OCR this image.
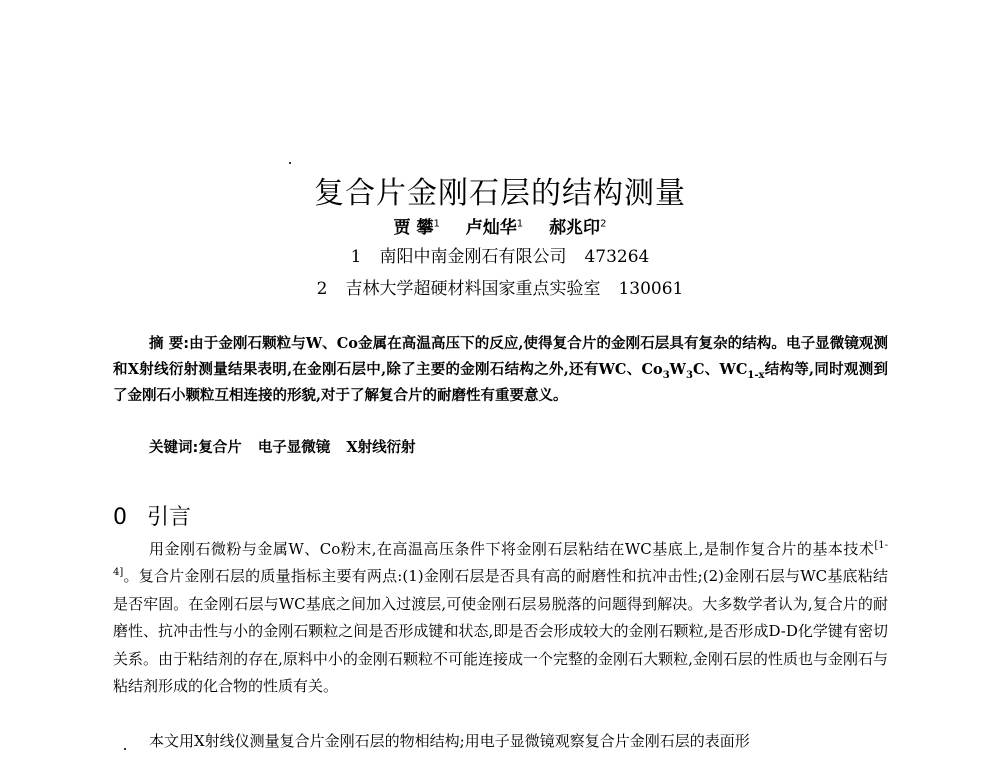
复合片金刚石层的结构测量
贾 攀$^1$ 卢灿华$^1$ 郝兆印$^2$
1 南阳中南金刚石有限公司 473264
2 吉林大学超硬材料国家重点实验室 130061
摘 要:由于金刚石颗粒与W、Co金属在高温高压下的反应,使得复合片的金刚石层具有复杂的结构。电子显微镜观测和X射线衍射测量结果表明,在金刚石层中,除了主要的金刚石结构之外,还有WC、$Co_3W_3C$、$WC_{1-x}$结构等,同时观测到了金刚石小颗粒互相连接的形貌,对于了解复合片的耐磨性有重要意义。
关键词:复合片 电子显微镜 X射线衍射
0 引言
用金刚石微粉与金属W、Co粉末,在高温高压条件下将金刚石层粘结在WC基底上,是制作复合片的基本技术[1-4]。复合片金刚石层的质量指标主要有两点:(1)金刚石层是否具有高的耐磨性和抗冲击性;(2)金刚石层与WC基底粘结是否牢固。在金刚石层与WC基底之间加入过渡层,可使金刚石层易脱落的问题得到解决。大多数学者认为,复合片的耐磨性、抗冲击性与小的金刚石颗粒之间是否形成键和状态,即是否会形成较大的金刚石颗粒,是否形成D-D化学键有密切关系。由于粘结剂的存在,原料中小的金刚石颗粒不可能连接成一个完整的金刚石大颗粒,金刚石层的性质也与金刚石与粘结剂形成的化合物的性质有关。
本文用X射线仪测量复合片金刚石层的物相结构;用电子显微镜观察复合片金刚石层的表面形
